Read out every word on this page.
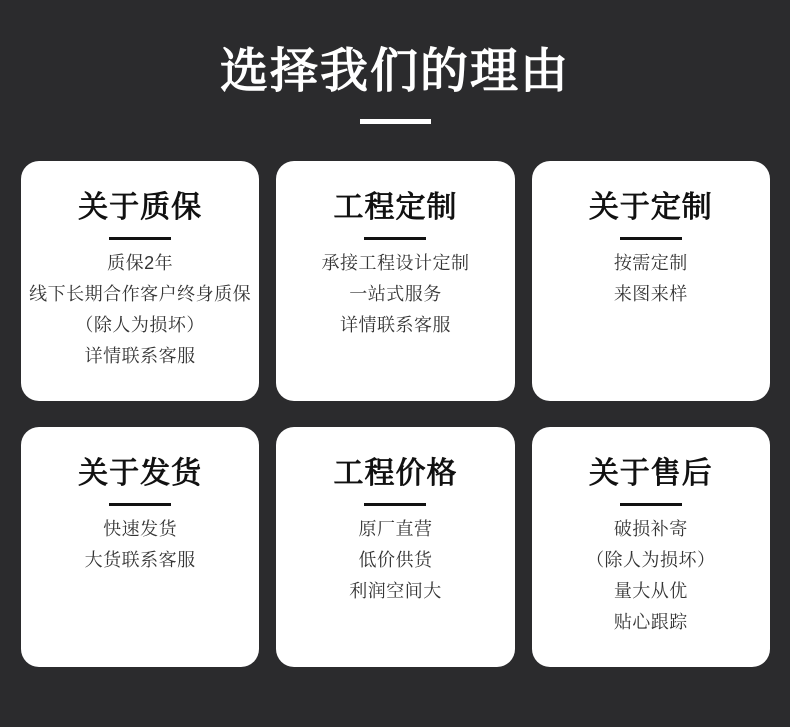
选择我们的理由
关于质保
质保2年
线下长期合作客户终身质保
（除人为损坏）
详情联系客服
工程定制
承接工程设计定制
一站式服务
详情联系客服
关于定制
按需定制
来图来样
关于发货
快速发货
大货联系客服
工程价格
原厂直营
低价供货
利润空间大
关于售后
破损补寄
（除人为损坏）
量大从优
贴心跟踪
